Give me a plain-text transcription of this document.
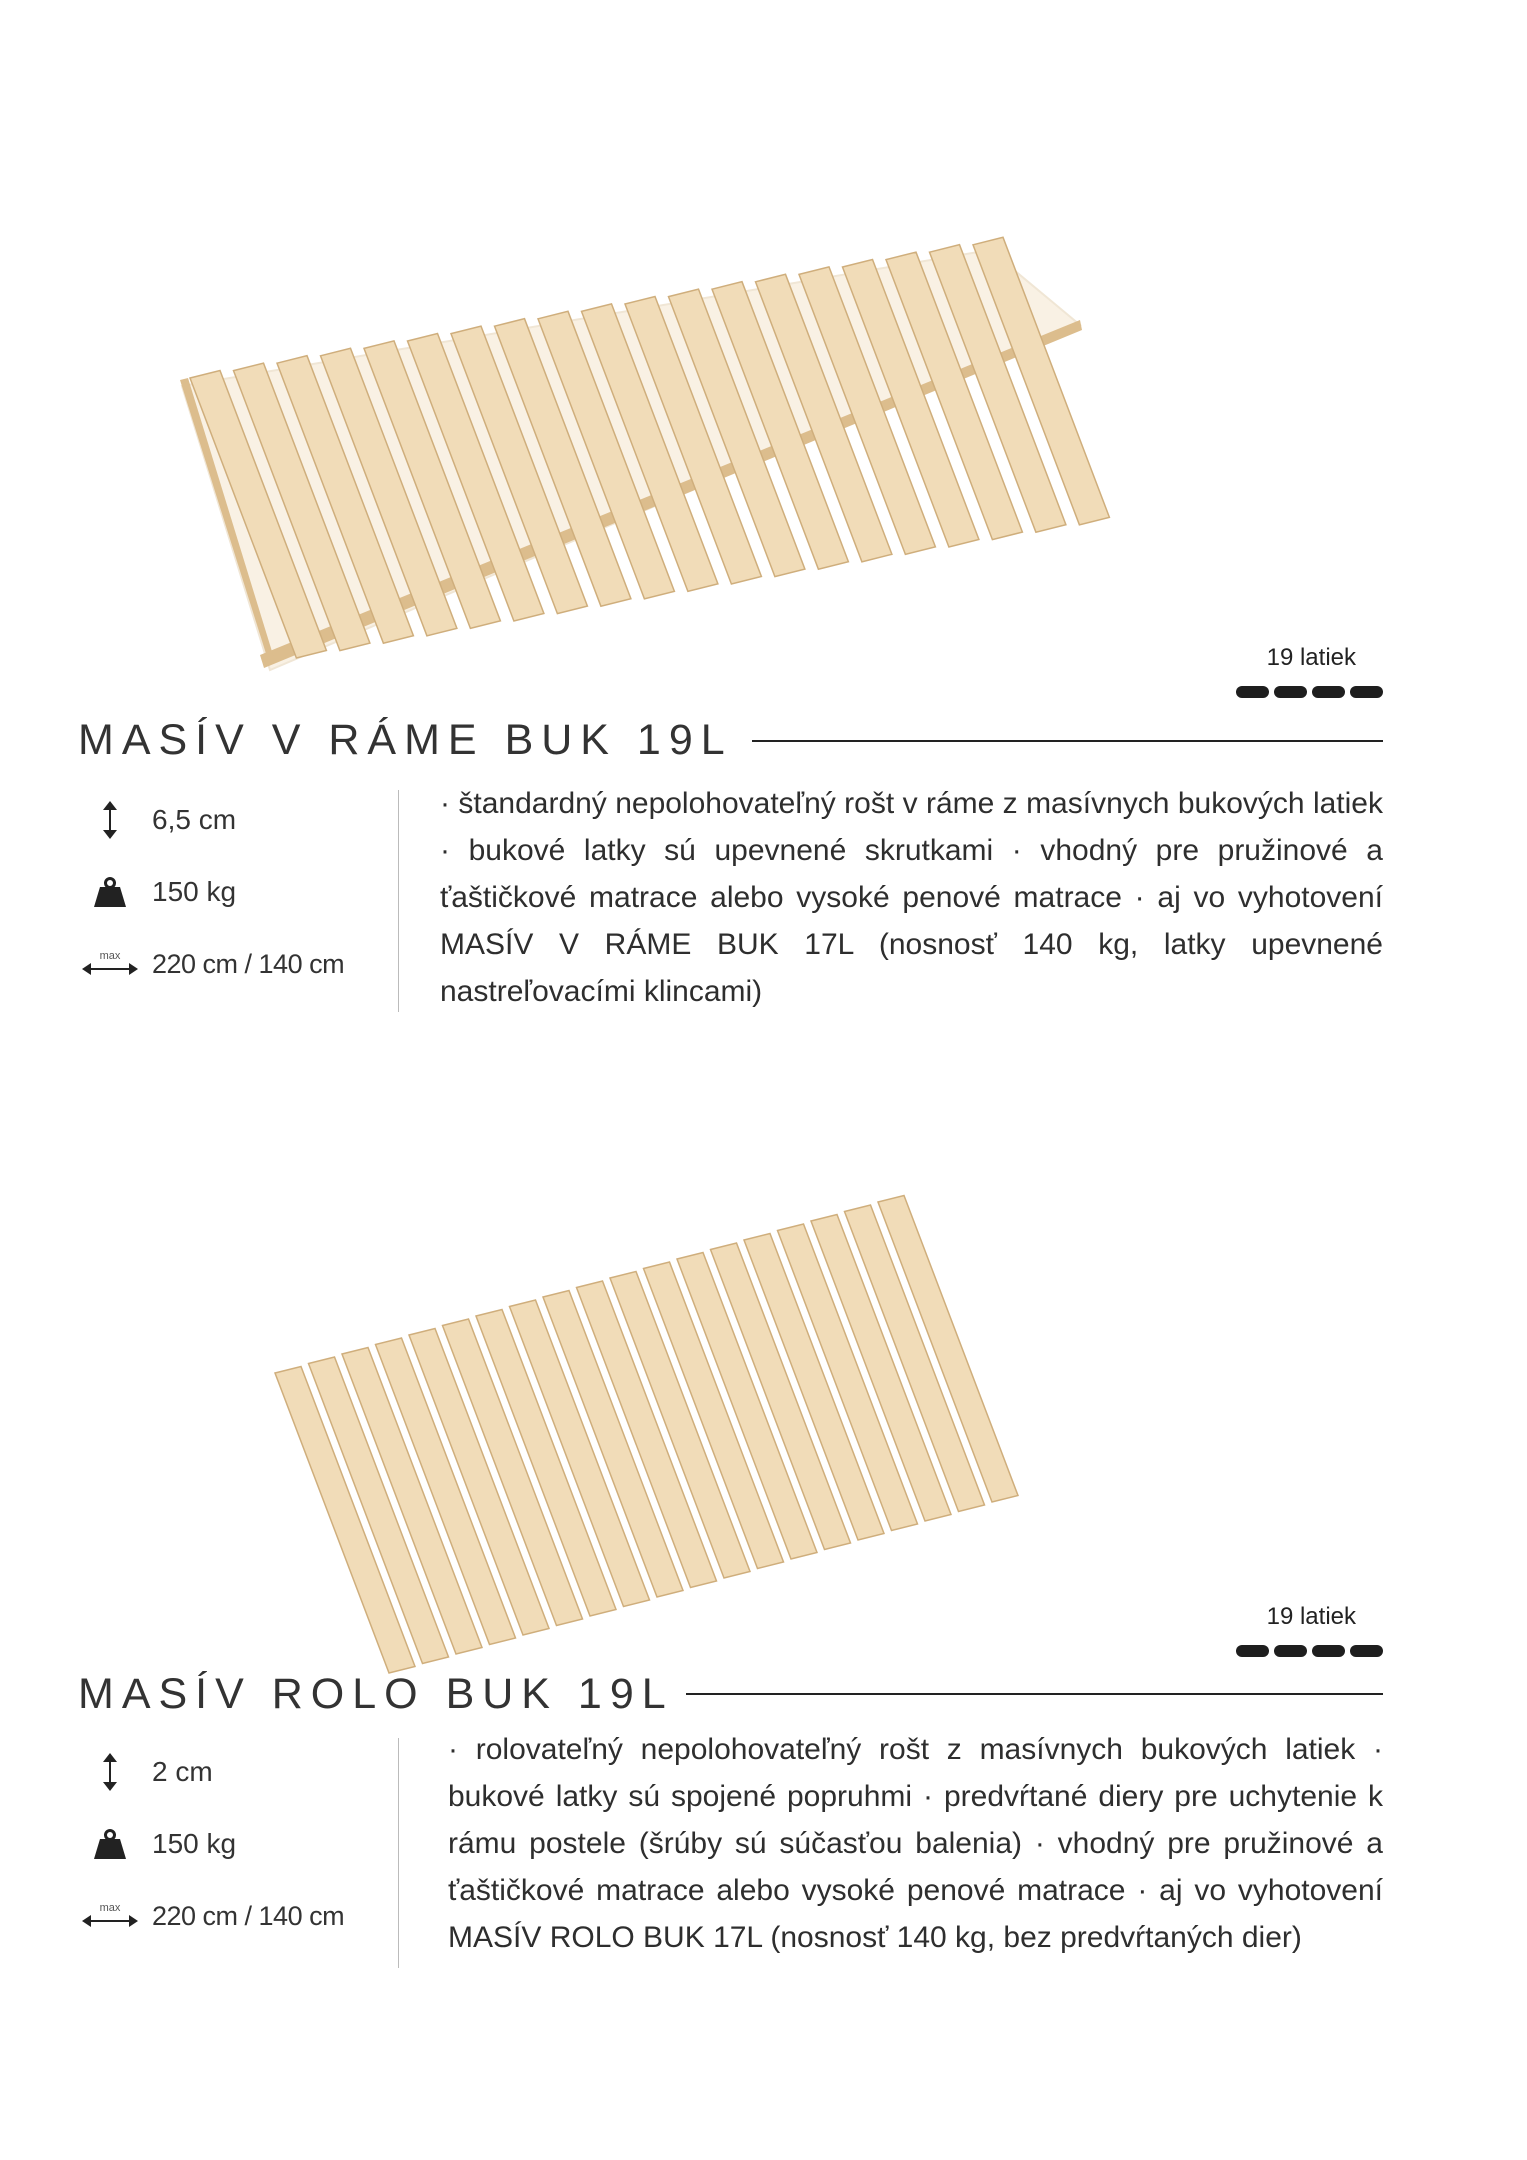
19 latiek
MASÍV V RÁME BUK 19L
6,5 cm
150 kg
max 220 cm / 140 cm
· štandardný nepolohovateľný rošt v ráme z masívnych bukových latiek · bukové latky sú upevnené skrutkami · vhodný pre pružinové a ťaštičkové matrace alebo vysoké penové matrace · aj vo vyhotovení MASÍV V RÁME BUK 17L (nosnosť 140 kg, latky upevnené nastreľovacími klincami)
19 latiek
MASÍV ROLO BUK 19L
2 cm
150 kg
max 220 cm / 140 cm
· rolovateľný nepolohovateľný rošt z masívnych bukových latiek · bukové latky sú spojené popruhmi · predvŕtané diery pre uchytenie k rámu postele (šrúby sú súčasťou balenia) · vhodný pre pružinové a ťaštičkové matrace alebo vysoké penové matrace · aj vo vyhotovení MASÍV ROLO BUK 17L (nosnosť 140 kg, bez predvŕtaných dier)
